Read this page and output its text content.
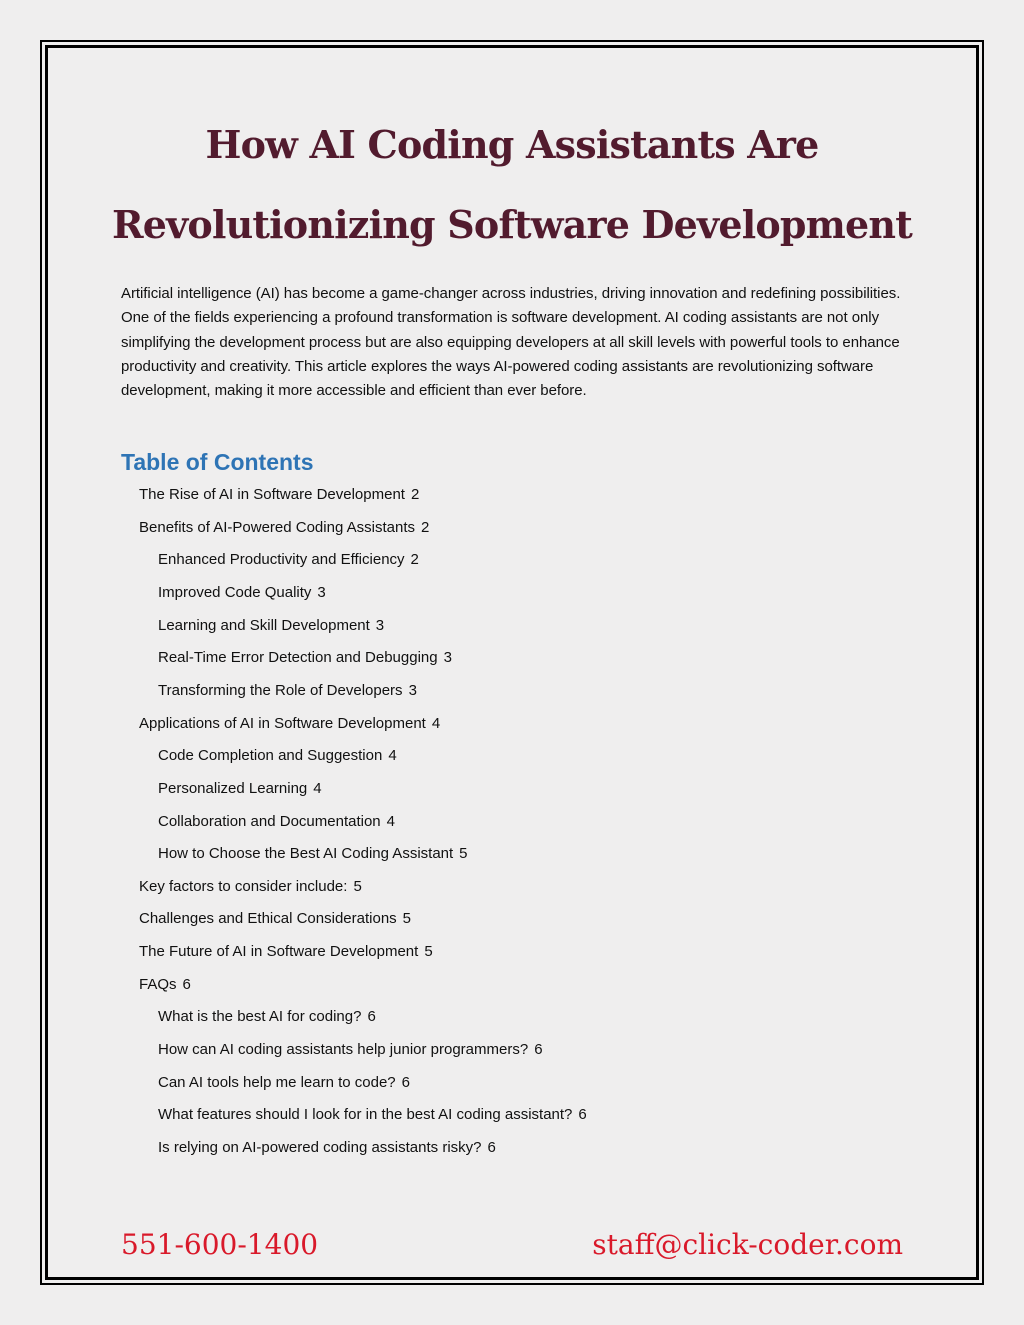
How AI Coding Assistants Are
Revolutionizing Software Development

Artificial intelligence (AI) has become a game-changer across industries, driving innovation and redefining possibilities. One of the fields experiencing a profound transformation is software development. AI coding assistants are not only simplifying the development process but are also equipping developers at all skill levels with powerful tools to enhance productivity and creativity. This article explores the ways AI-powered coding assistants are revolutionizing software development, making it more accessible and efficient than ever before.

Table of Contents
The Rise of AI in Software Development 2
Benefits of AI-Powered Coding Assistants 2
Enhanced Productivity and Efficiency 2
Improved Code Quality 3
Learning and Skill Development 3
Real-Time Error Detection and Debugging 3
Transforming the Role of Developers 3
Applications of AI in Software Development 4
Code Completion and Suggestion 4
Personalized Learning 4
Collaboration and Documentation 4
How to Choose the Best AI Coding Assistant 5
Key factors to consider include: 5
Challenges and Ethical Considerations 5
The Future of AI in Software Development 5
FAQs 6
What is the best AI for coding? 6
How can AI coding assistants help junior programmers? 6
Can AI tools help me learn to code? 6
What features should I look for in the best AI coding assistant? 6
Is relying on AI-powered coding assistants risky? 6
551-600-1400	staff@click-coder.com
